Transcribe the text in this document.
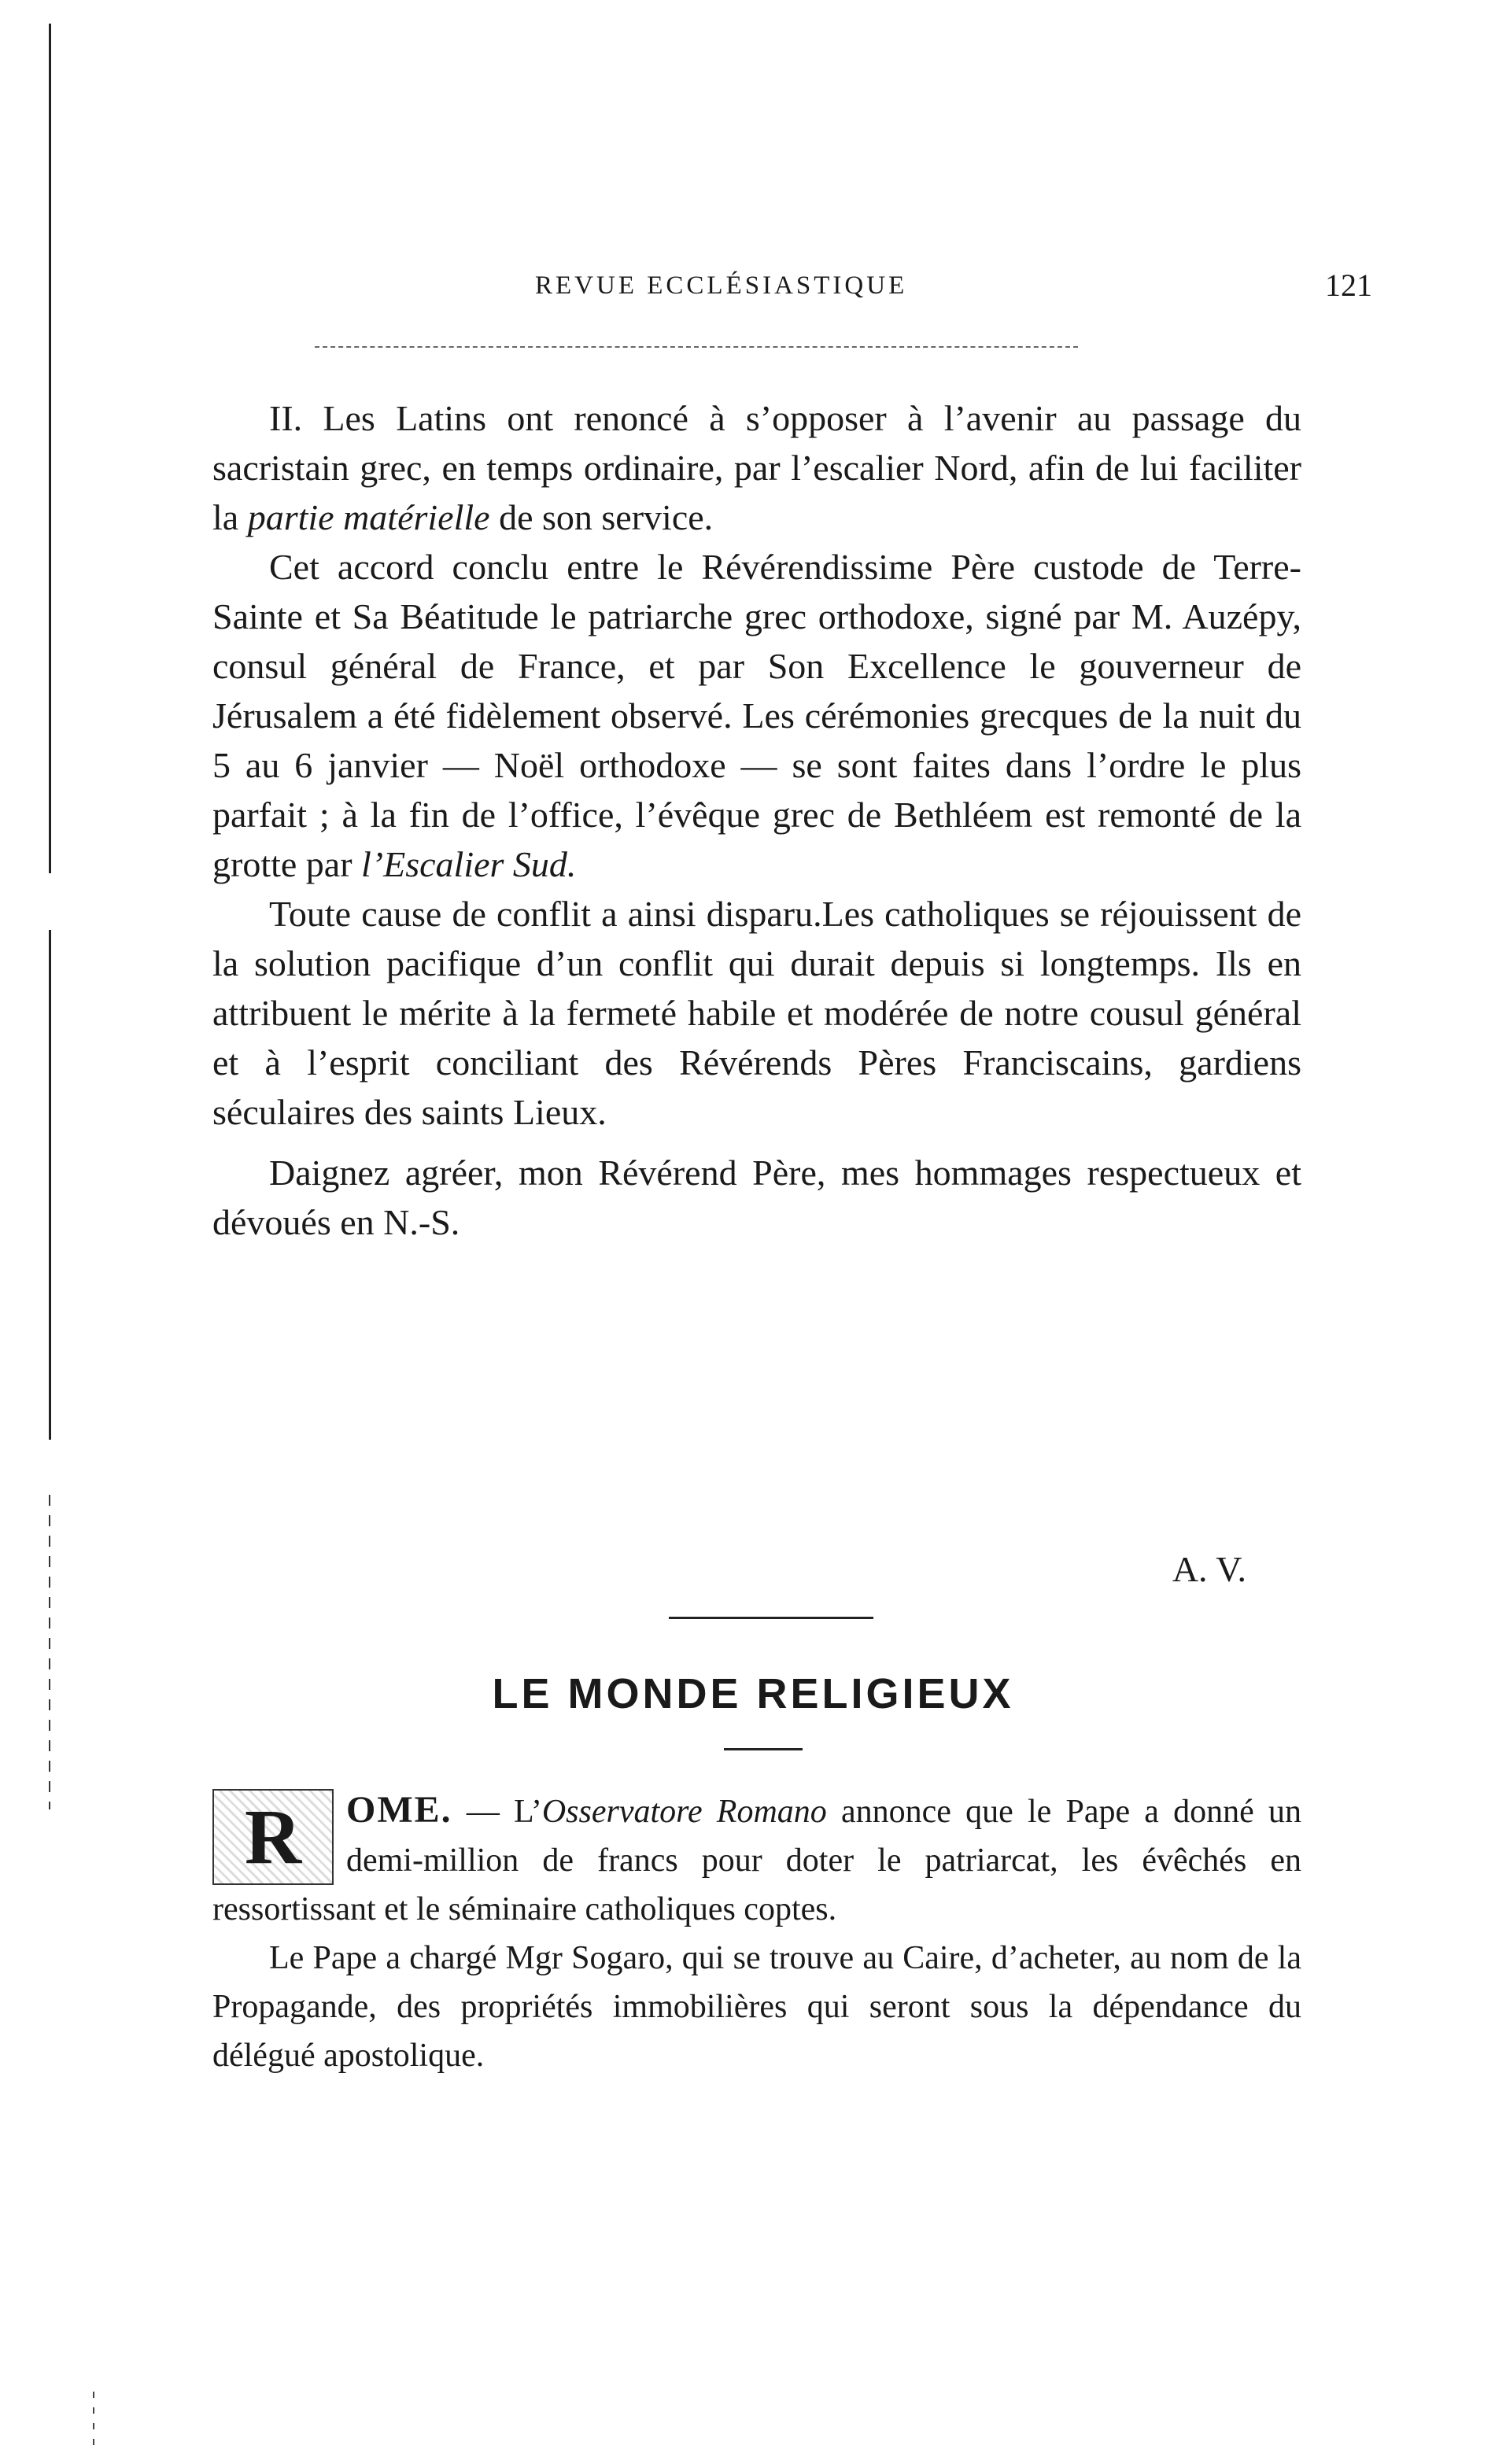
REVUE ECCLÉSIASTIQUE	121

II. Les Latins ont renoncé à s’opposer à l’avenir au passage du sacristain grec, en temps ordinaire, par l’escalier Nord, afin de lui faciliter la partie matérielle de son service.

Cet accord conclu entre le Révérendissime Père custode de Terre-Sainte et Sa Béatitude le patriarche grec orthodoxe, signé par M. Auzépy, consul général de France, et par Son Excellence le gouverneur de Jérusalem a été fidèlement observé. Les cérémonies grecques de la nuit du 5 au 6 janvier — Noël orthodoxe — se sont faites dans l’ordre le plus parfait ; à la fin de l’office, l’évêque grec de Bethléem est remonté de la grotte par l’Escalier Sud.

Toute cause de conflit a ainsi disparu.Les catholiques se réjouissent de la solution pacifique d’un conflit qui durait depuis si longtemps. Ils en attribuent le mérite à la fermeté habile et modérée de notre cousul général et à l’esprit conciliant des Révérends Pères Franciscains, gardiens séculaires des saints Lieux.

Daignez agréer, mon Révérend Père, mes hommages respectueux et dévoués en N.-S.

A. V.
LE MONDE RELIGIEUX

R	OME. — L’Osservatore Romano annonce que le Pape a donné un demi-million de francs pour doter le patriarcat, les évêchés en ressortissant et le séminaire catholiques coptes.

Le Pape a chargé Mgr Sogaro, qui se trouve au Caire, d’acheter, au nom de la Propagande, des propriétés immobilières qui seront sous la dépendance du délégué apostolique.
